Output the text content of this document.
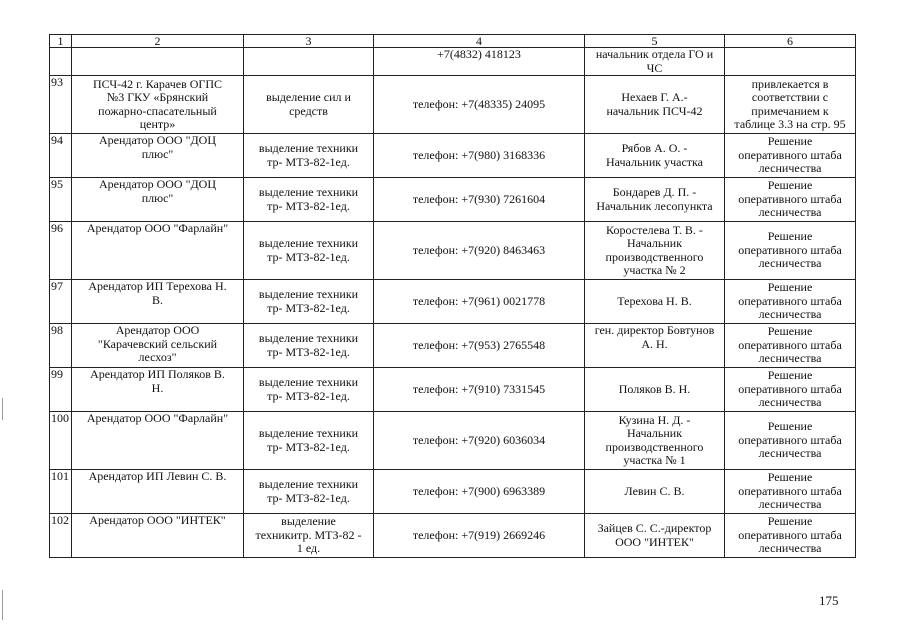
1	2	3	4	5	6
			+7(4832) 418123	начальник отдела ГО и
ЧС	
93	ПСЧ-42 г. Карачев ОГПС
№3 ГКУ «Брянский
пожарно-спасательный
центр»	выделение сил и
средств	телефон: +7(48335) 24095	Нехаев Г. А.-
начальник ПСЧ-42	привлекается в
соответствии с
примечанием к
таблице 3.3 на стр. 95
94	Арендатор ООО "ДОЦ
плюс"	выделение техники
тр- МТЗ-82-1ед.	телефон: +7(980) 3168336	Рябов А. О. -
Начальник участка	Решение
оперативного штаба
лесничества
95	Арендатор ООО "ДОЦ
плюс"	выделение техники
тр- МТЗ-82-1ед.	телефон: +7(930) 7261604	Бондарев Д. П. -
Начальник лесопункта	Решение
оперативного штаба
лесничества
96	Арендатор ООО "Фарлайн"	выделение техники
тр- МТЗ-82-1ед.	телефон: +7(920) 8463463	Коростелева Т. В. -
Начальник
производственного
участка № 2	Решение
оперативного штаба
лесничества
97	Арендатор ИП Терехова Н.
В.	выделение техники
тр- МТЗ-82-1ед.	телефон: +7(961) 0021778	Терехова Н. В.	Решение
оперативного штаба
лесничества
98	Арендатор ООО
"Карачевский сельский
лесхоз"	выделение техники
тр- МТЗ-82-1ед.	телефон: +7(953) 2765548	ген. директор Бовтунов
А. Н.	Решение
оперативного штаба
лесничества
99	Арендатор ИП Поляков В.
Н.	выделение техники
тр- МТЗ-82-1ед.	телефон: +7(910) 7331545	Поляков В. Н.	Решение
оперативного штаба
лесничества
100	Арендатор ООО "Фарлайн"	выделение техники
тр- МТЗ-82-1ед.	телефон: +7(920) 6036034	Кузина Н. Д. -
Начальник
производственного
участка № 1	Решение
оперативного штаба
лесничества
101	Арендатор ИП Левин С. В.	выделение техники
тр- МТЗ-82-1ед.	телефон: +7(900) 6963389	Левин С. В.	Решение
оперативного штаба
лесничества
102	Арендатор ООО "ИНТЕК"	выделение
техникитр. МТЗ-82 -
1 ед.	телефон: +7(919) 2669246	Зайцев С. С.-директор
ООО "ИНТЕК"	Решение
оперативного штаба
лесничества
175
